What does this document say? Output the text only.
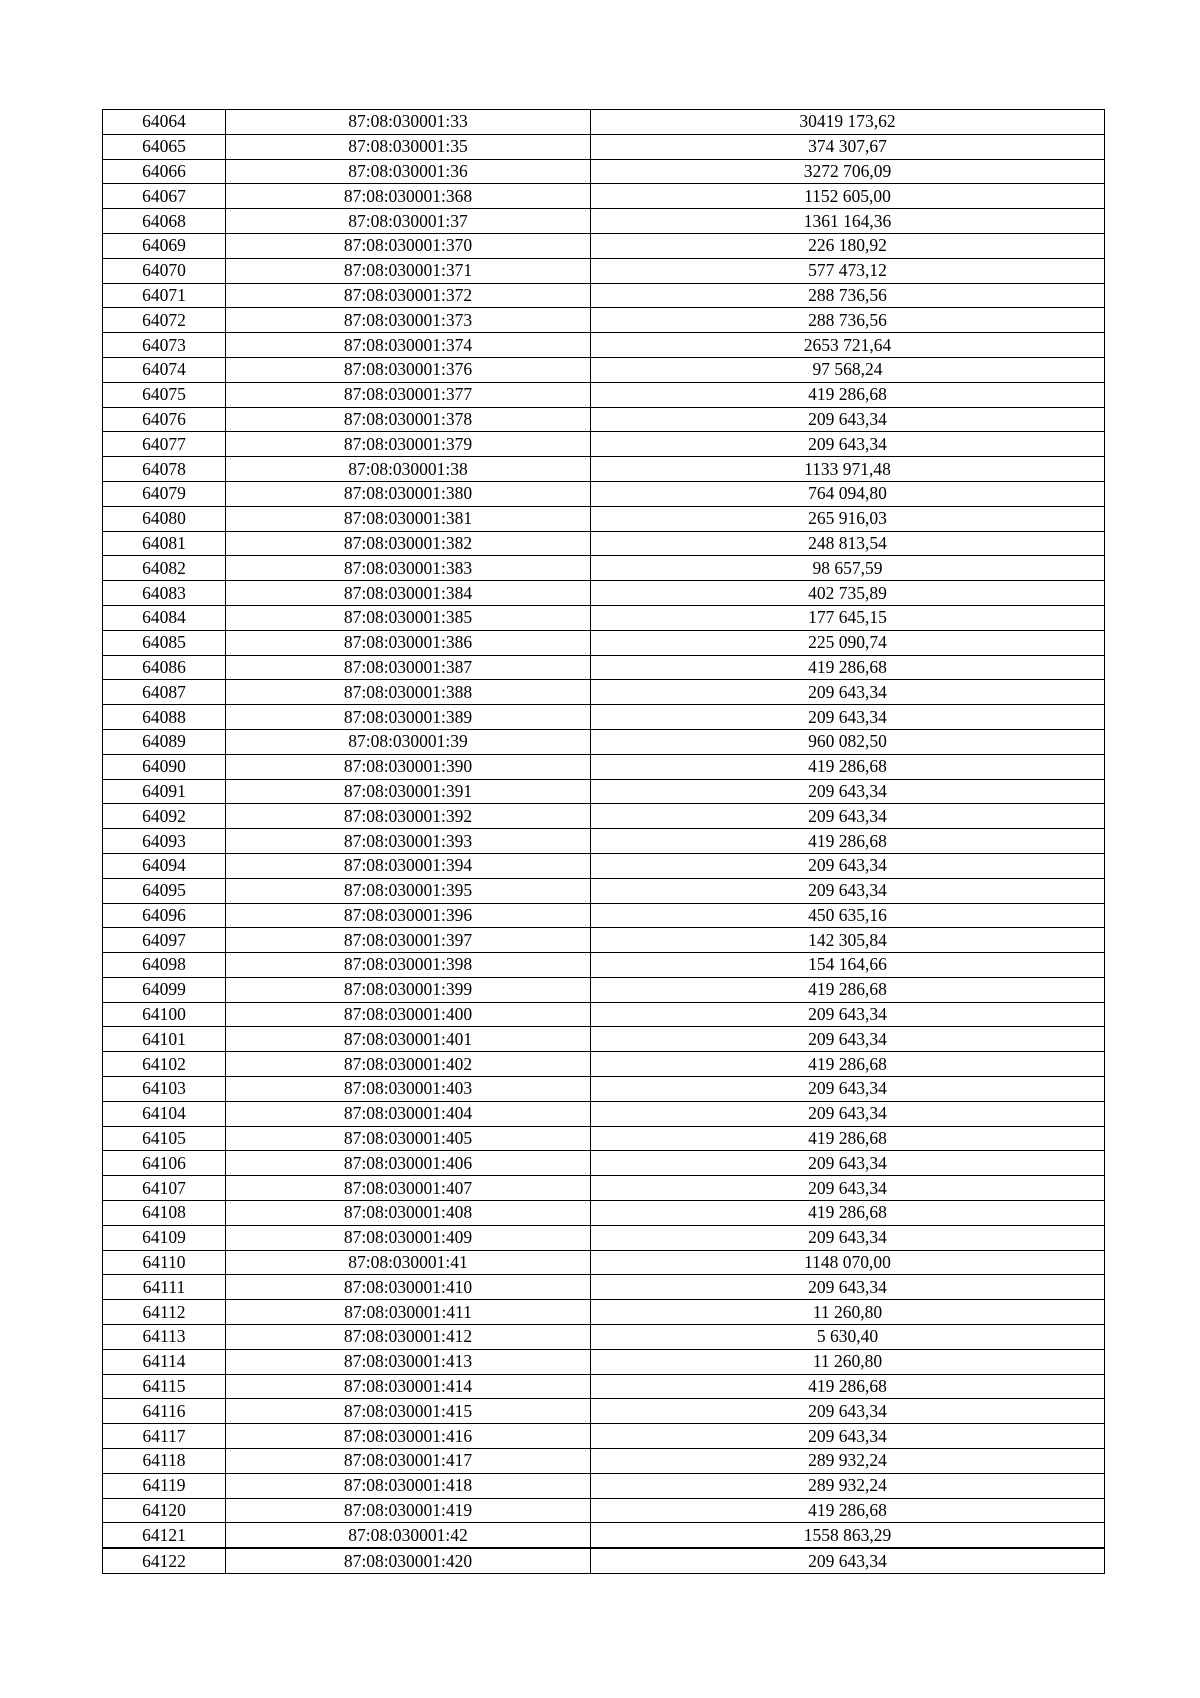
64064	87:08:030001:33	30419 173,62
64065	87:08:030001:35	374 307,67
64066	87:08:030001:36	3272 706,09
64067	87:08:030001:368	1152 605,00
64068	87:08:030001:37	1361 164,36
64069	87:08:030001:370	226 180,92
64070	87:08:030001:371	577 473,12
64071	87:08:030001:372	288 736,56
64072	87:08:030001:373	288 736,56
64073	87:08:030001:374	2653 721,64
64074	87:08:030001:376	97 568,24
64075	87:08:030001:377	419 286,68
64076	87:08:030001:378	209 643,34
64077	87:08:030001:379	209 643,34
64078	87:08:030001:38	1133 971,48
64079	87:08:030001:380	764 094,80
64080	87:08:030001:381	265 916,03
64081	87:08:030001:382	248 813,54
64082	87:08:030001:383	98 657,59
64083	87:08:030001:384	402 735,89
64084	87:08:030001:385	177 645,15
64085	87:08:030001:386	225 090,74
64086	87:08:030001:387	419 286,68
64087	87:08:030001:388	209 643,34
64088	87:08:030001:389	209 643,34
64089	87:08:030001:39	960 082,50
64090	87:08:030001:390	419 286,68
64091	87:08:030001:391	209 643,34
64092	87:08:030001:392	209 643,34
64093	87:08:030001:393	419 286,68
64094	87:08:030001:394	209 643,34
64095	87:08:030001:395	209 643,34
64096	87:08:030001:396	450 635,16
64097	87:08:030001:397	142 305,84
64098	87:08:030001:398	154 164,66
64099	87:08:030001:399	419 286,68
64100	87:08:030001:400	209 643,34
64101	87:08:030001:401	209 643,34
64102	87:08:030001:402	419 286,68
64103	87:08:030001:403	209 643,34
64104	87:08:030001:404	209 643,34
64105	87:08:030001:405	419 286,68
64106	87:08:030001:406	209 643,34
64107	87:08:030001:407	209 643,34
64108	87:08:030001:408	419 286,68
64109	87:08:030001:409	209 643,34
64110	87:08:030001:41	1148 070,00
64111	87:08:030001:410	209 643,34
64112	87:08:030001:411	11 260,80
64113	87:08:030001:412	5 630,40
64114	87:08:030001:413	11 260,80
64115	87:08:030001:414	419 286,68
64116	87:08:030001:415	209 643,34
64117	87:08:030001:416	209 643,34
64118	87:08:030001:417	289 932,24
64119	87:08:030001:418	289 932,24
64120	87:08:030001:419	419 286,68
64121	87:08:030001:42	1558 863,29
64122	87:08:030001:420	209 643,34
